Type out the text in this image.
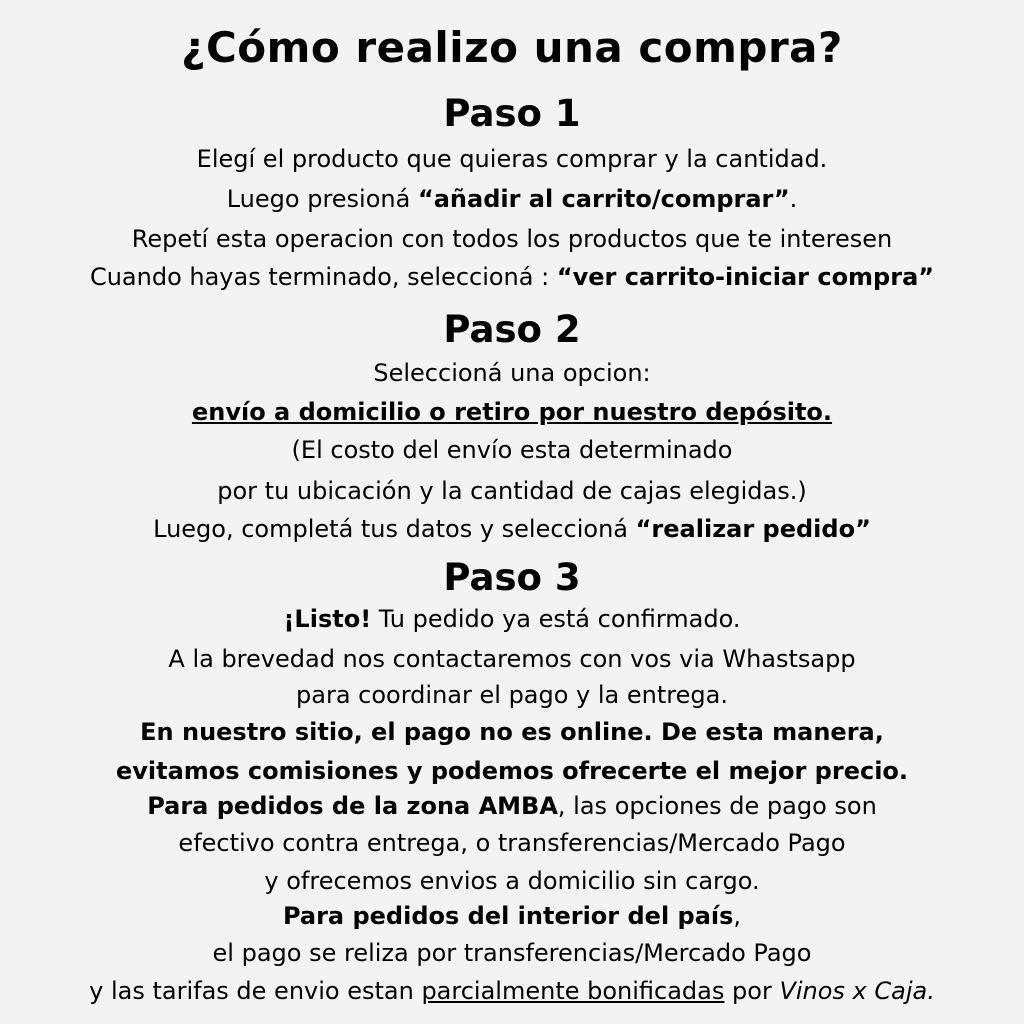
¿Cómo realizo una compra?
Paso 1
Elegí el producto que quieras comprar y la cantidad.
Luego presioná “añadir al carrito/comprar”.
Repetí esta operacion con todos los productos que te interesen
Cuando hayas terminado, seleccioná : “ver carrito-iniciar compra”
Paso 2
Seleccioná una opcion:
envío a domicilio o retiro por nuestro depósito.
(El costo del envío esta determinado
por tu ubicación y la cantidad de cajas elegidas.)
Luego, completá tus datos y seleccioná “realizar pedido”
Paso 3
¡Listo! Tu pedido ya está confirmado.
A la brevedad nos contactaremos con vos via Whastsapp
para coordinar el pago y la entrega.
En nuestro sitio, el pago no es online. De esta manera,
evitamos comisiones y podemos ofrecerte el mejor precio.
Para pedidos de la zona AMBA, las opciones de pago son
efectivo contra entrega, o transferencias/Mercado Pago
y ofrecemos envios a domicilio sin cargo.
Para pedidos del interior del país,
el pago se reliza por transferencias/Mercado Pago
y las tarifas de envio estan parcialmente bonificadas por Vinos x Caja.
